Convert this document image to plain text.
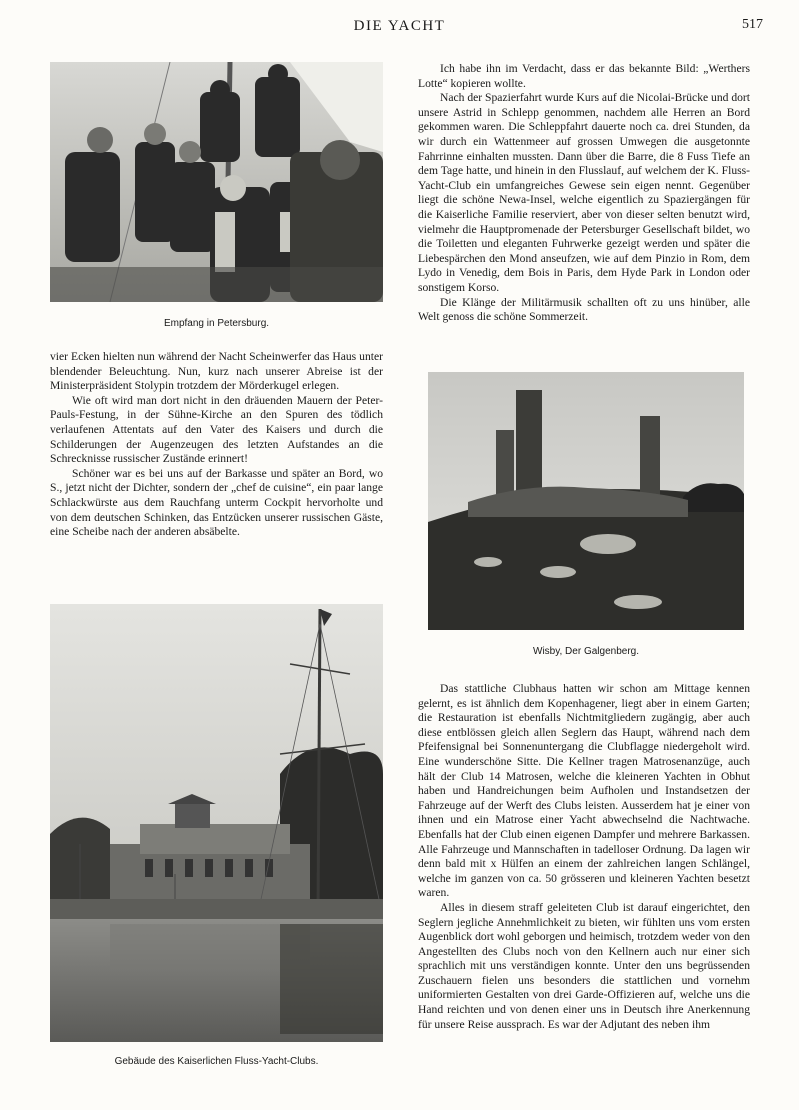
DIE YACHT	517
Empfang in Petersburg.

vier Ecken hielten nun während der Nacht Scheinwerfer das Haus unter blendender Beleuchtung. Nun, kurz nach unserer Abreise ist der Ministerpräsident Stolypin trotzdem der Mörderkugel erlegen.

Wie oft wird man dort nicht in den dräuenden Mauern der Peter-Pauls-Festung, in der Sühne-Kirche an den Spuren des tödlich verlaufenen Attentats auf den Vater des Kaisers und durch die Schilderungen der Augenzeugen des letzten Aufstandes an die Schrecknisse russischer Zustände erinnert!

Schöner war es bei uns auf der Barkasse und später an Bord, wo S., jetzt nicht der Dichter, sondern der „chef de cuisine“, ein paar lange Schlackwürste aus dem Rauchfang unterm Cockpit hervorholte und von dem deutschen Schinken, das Entzücken unserer russischen Gäste, eine Scheibe nach der anderen absäbelte.

Gebäude des Kaiserlichen Fluss-Yacht-Clubs.

Ich habe ihn im Verdacht, dass er das bekannte Bild: „Werthers Lotte“ kopieren wollte.

Nach der Spazierfahrt wurde Kurs auf die Nicolai-Brücke und dort unsere Astrid in Schlepp genommen, nachdem alle Herren an Bord gekommen waren. Die Schleppfahrt dauerte noch ca. drei Stunden, da wir durch ein Wattenmeer auf grossen Umwegen die ausgetonnte Fahrrinne einhalten mussten. Dann über die Barre, die 8 Fuss Tiefe an dem Tage hatte, und hinein in den Flusslauf, auf welchem der K. Fluss-Yacht-Club ein umfangreiches Gewese sein eigen nennt. Gegenüber liegt die schöne Newa-Insel, welche eigentlich zu Spaziergängen für die Kaiserliche Familie reserviert, aber von dieser selten benutzt wird, vielmehr die Hauptpromenade der Petersburger Gesellschaft bildet, wo die Toiletten und eleganten Fuhrwerke gezeigt werden und später die Liebespärchen den Mond anseufzen, wie auf dem Pinzio in Rom, dem Lydo in Venedig, dem Bois in Paris, dem Hyde Park in London oder sonstigem Korso.

Die Klänge der Militärmusik schallten oft zu uns hinüber, alle Welt genoss die schöne Sommerzeit.

Wisby, Der Galgenberg.

Das stattliche Clubhaus hatten wir schon am Mittage kennen gelernt, es ist ähnlich dem Kopenhagener, liegt aber in einem Garten; die Restauration ist ebenfalls Nichtmitgliedern zugängig, aber auch diese entblössen gleich allen Seglern das Haupt, während nach dem Pfeifensignal bei Sonnenuntergang die Clubflagge niedergeholt wird. Eine wunderschöne Sitte. Die Kellner tragen Matrosenanzüge, auch hält der Club 14 Matrosen, welche die kleineren Yachten in Obhut haben und Handreichungen beim Aufholen und Instandsetzen der Fahrzeuge auf der Werft des Clubs leisten. Ausserdem hat je einer von ihnen und ein Matrose einer Yacht abwechselnd die Nachtwache. Ebenfalls hat der Club einen eigenen Dampfer und mehrere Barkassen. Alle Fahrzeuge und Mannschaften in tadelloser Ordnung. Da lagen wir denn bald mit x Hülfen an einem der zahlreichen langen Schlängel, welche im ganzen von ca. 50 grösseren und kleineren Yachten besetzt waren.

Alles in diesem straff geleiteten Club ist darauf eingerichtet, den Seglern jegliche Annehmlichkeit zu bieten, wir fühlten uns vom ersten Augenblick dort wohl geborgen und heimisch, trotzdem weder von den Angestellten des Clubs noch von den Kellnern auch nur einer sich sprachlich mit uns verständigen konnte. Unter den uns begrüssenden Zuschauern fielen uns besonders die stattlichen und vornehm uniformierten Gestalten von drei Garde-Offizieren auf, welche uns die Hand reichten und von denen einer uns in Deutsch ihre Anerkennung für unsere Reise aussprach. Es war der Adjutant des neben ihm
